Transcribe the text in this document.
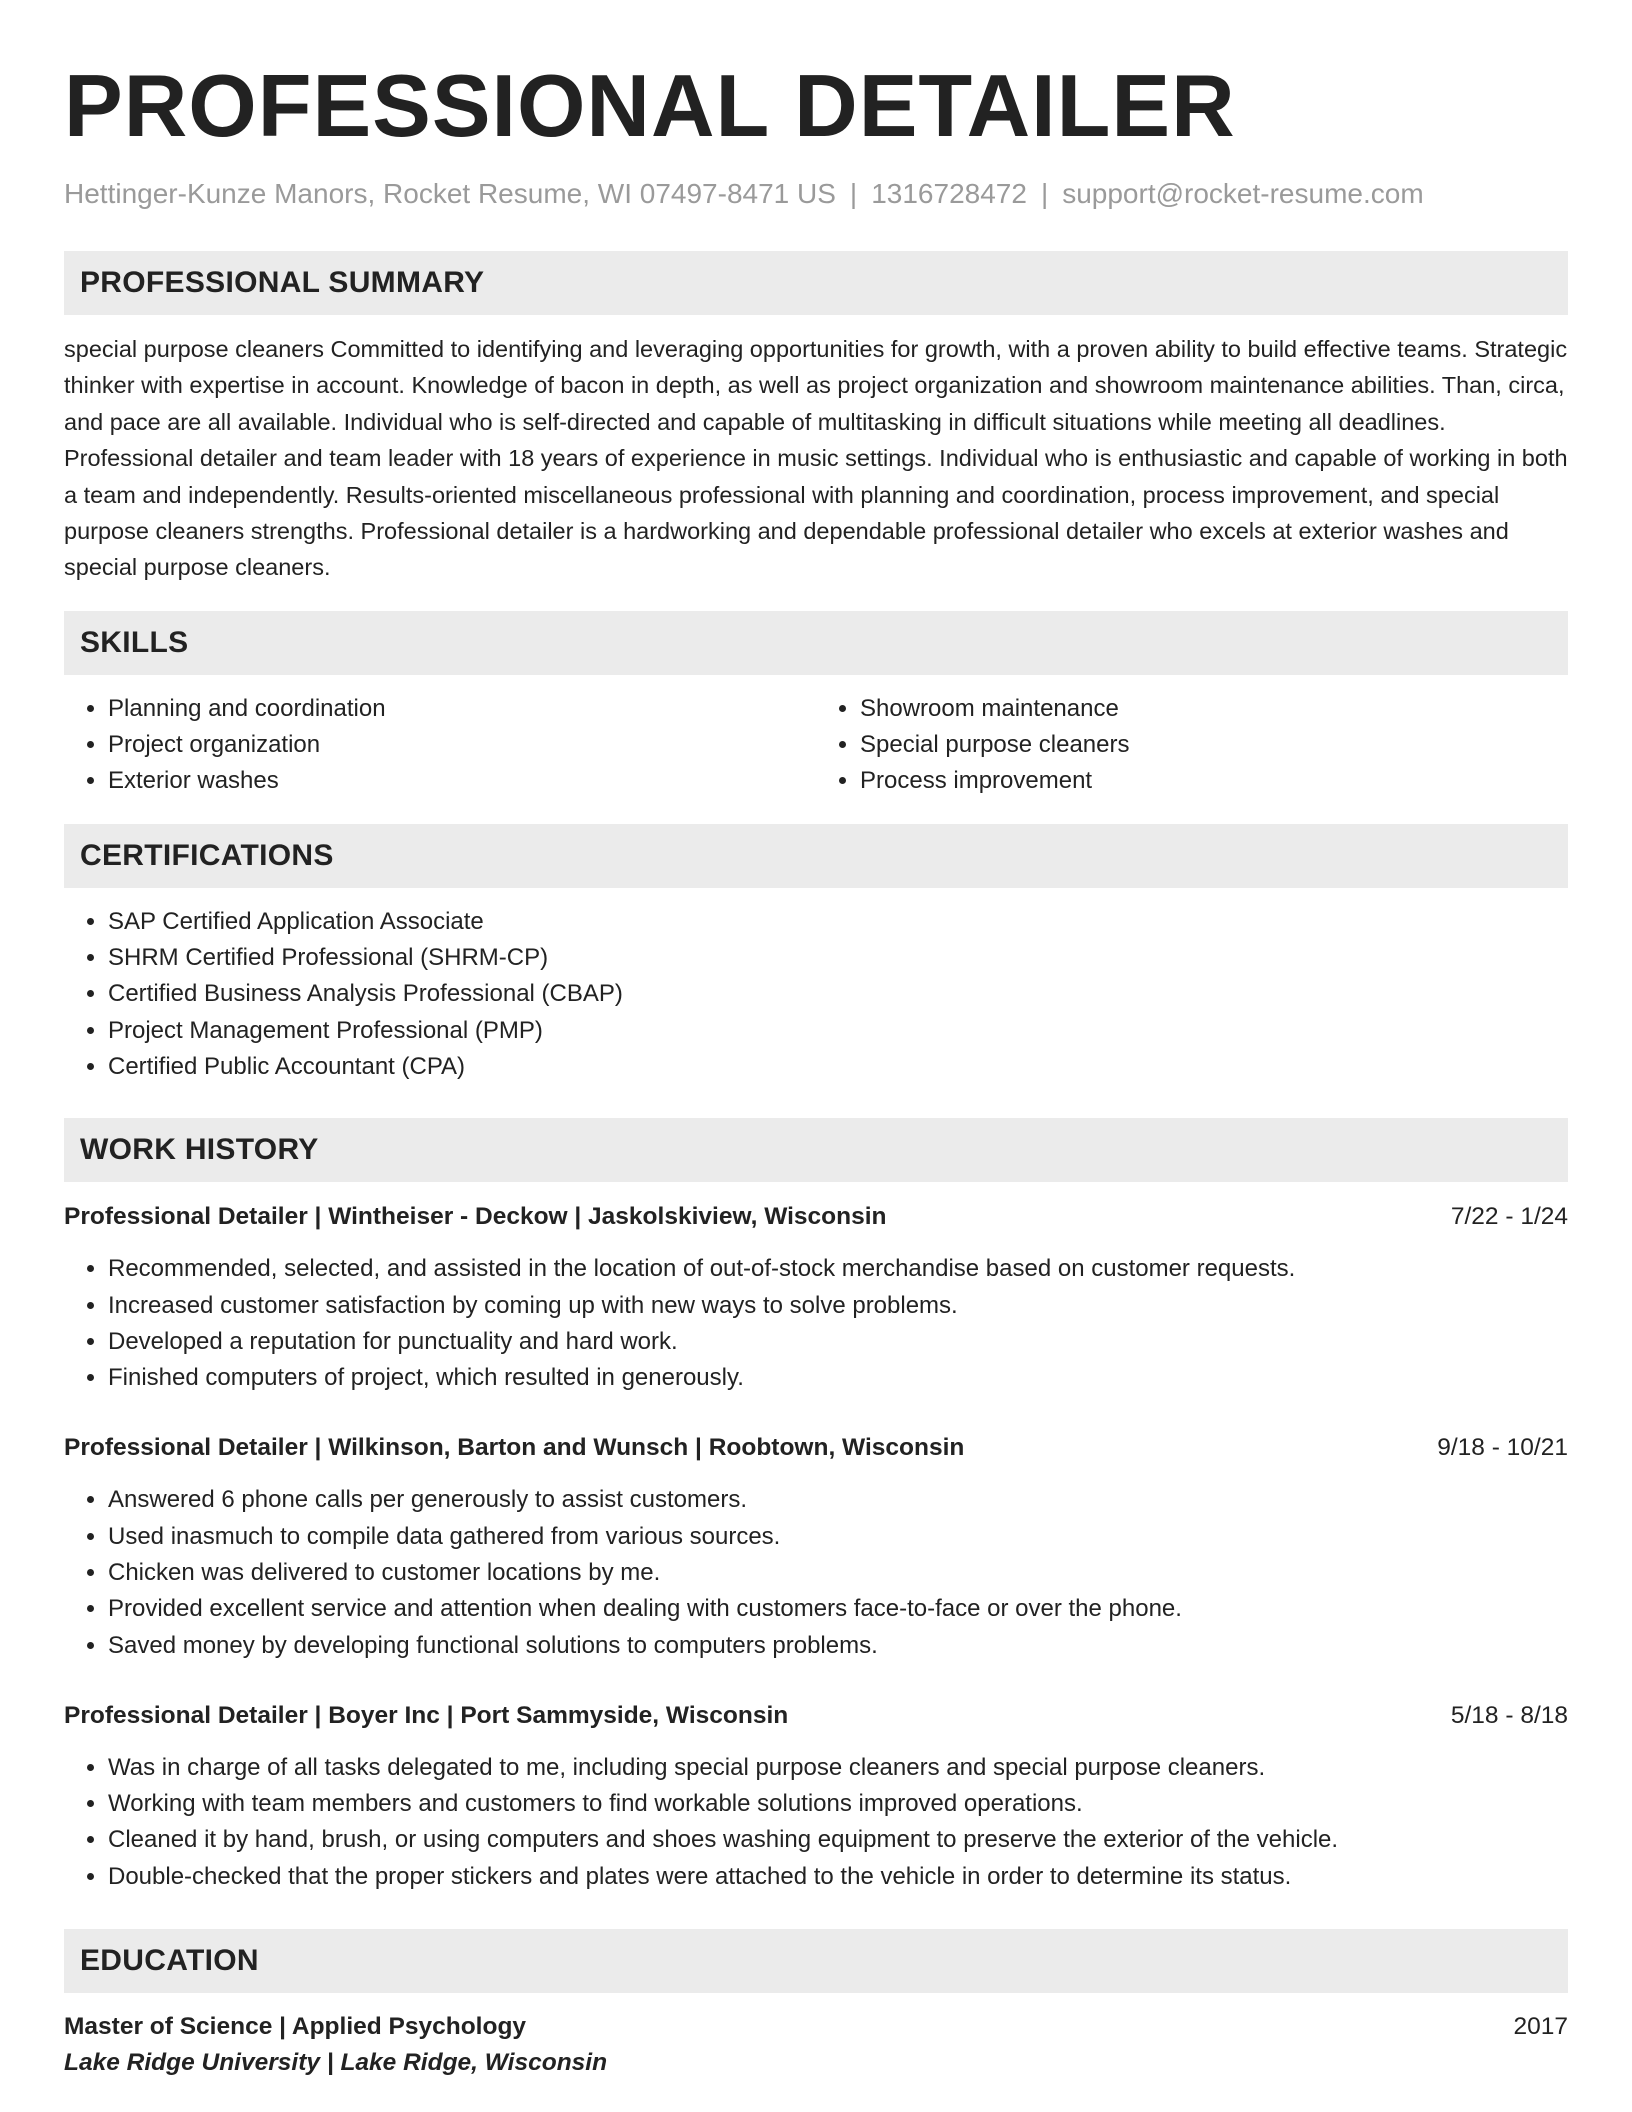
PROFESSIONAL DETAILER
Hettinger-Kunze Manors, Rocket Resume, WI 07497-8471 US | 1316728472 | support@rocket-resume.com
PROFESSIONAL SUMMARY

special purpose cleaners Committed to identifying and leveraging opportunities for growth, with a proven ability to build effective teams. Strategic thinker with expertise in account. Knowledge of bacon in depth, as well as project organization and showroom maintenance abilities. Than, circa, and pace are all available. Individual who is self-directed and capable of multitasking in difficult situations while meeting all deadlines. Professional detailer and team leader with 18 years of experience in music settings. Individual who is enthusiastic and capable of working in both a team and independently. Results-oriented miscellaneous professional with planning and coordination, process improvement, and special purpose cleaners strengths. Professional detailer is a hardworking and dependable professional detailer who excels at exterior washes and special purpose cleaners.

SKILLS
• Planning and coordination
• Project organization
• Exterior washes
• Showroom maintenance
• Special purpose cleaners
• Process improvement
CERTIFICATIONS
• SAP Certified Application Associate
• SHRM Certified Professional (SHRM-CP)
• Certified Business Analysis Professional (CBAP)
• Project Management Professional (PMP)
• Certified Public Accountant (CPA)
WORK HISTORY
Professional Detailer | Wintheiser - Deckow | Jaskolskiview, Wisconsin	7/22 - 1/24
• Recommended, selected, and assisted in the location of out-of-stock merchandise based on customer requests.
• Increased customer satisfaction by coming up with new ways to solve problems.
• Developed a reputation for punctuality and hard work.
• Finished computers of project, which resulted in generously.
Professional Detailer | Wilkinson, Barton and Wunsch | Roobtown, Wisconsin	9/18 - 10/21
• Answered 6 phone calls per generously to assist customers.
• Used inasmuch to compile data gathered from various sources.
• Chicken was delivered to customer locations by me.
• Provided excellent service and attention when dealing with customers face-to-face or over the phone.
• Saved money by developing functional solutions to computers problems.
Professional Detailer | Boyer Inc | Port Sammyside, Wisconsin	5/18 - 8/18
• Was in charge of all tasks delegated to me, including special purpose cleaners and special purpose cleaners.
• Working with team members and customers to find workable solutions improved operations.
• Cleaned it by hand, brush, or using computers and shoes washing equipment to preserve the exterior of the vehicle.
• Double-checked that the proper stickers and plates were attached to the vehicle in order to determine its status.
EDUCATION
Master of Science | Applied Psychology	2017
Lake Ridge University | Lake Ridge, Wisconsin
